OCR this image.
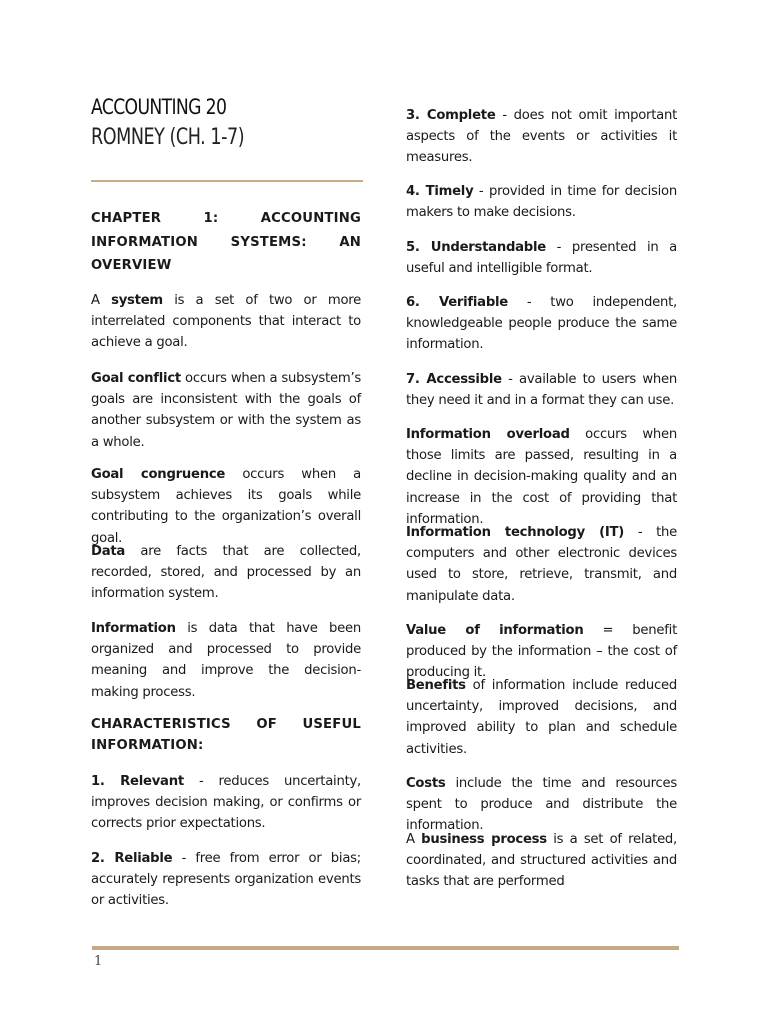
ACCOUNTING 20
ROMNEY (CH. 1-7)

CHAPTER 1: ACCOUNTING INFORMATION SYSTEMS: AN OVERVIEW

A system is a set of two or more interrelated components that interact to achieve a goal.

Goal conflict occurs when a subsystem’s goals are inconsistent with the goals of another subsystem or with the system as a whole.

Goal congruence occurs when a subsystem achieves its goals while contributing to the organization’s overall goal.

Data are facts that are collected, recorded, stored, and processed by an information system.

Information is data that have been organized and processed to provide meaning and improve the decision-making process.

CHARACTERISTICS OF USEFUL INFORMATION:

1. Relevant - reduces uncertainty, improves decision making, or confirms or corrects prior expectations.

2. Reliable - free from error or bias; accurately represents organization events or activities.

3. Complete - does not omit important aspects of the events or activities it measures.

4. Timely - provided in time for decision makers to make decisions.

5. Understandable - presented in a useful and intelligible format.

6. Verifiable - two independent, knowledgeable people produce the same information.

7. Accessible - available to users when they need it and in a format they can use.

Information overload occurs when those limits are passed, resulting in a decline in decision-making quality and an increase in the cost of providing that information.

Information technology (IT) - the computers and other electronic devices used to store, retrieve, transmit, and manipulate data.

Value of information = benefit produced by the information – the cost of producing it.

Benefits of information include reduced uncertainty, improved decisions, and improved ability to plan and schedule activities.

Costs include the time and resources spent to produce and distribute the information.

A business process is a set of related, coordinated, and structured activities and tasks that are performed

1
